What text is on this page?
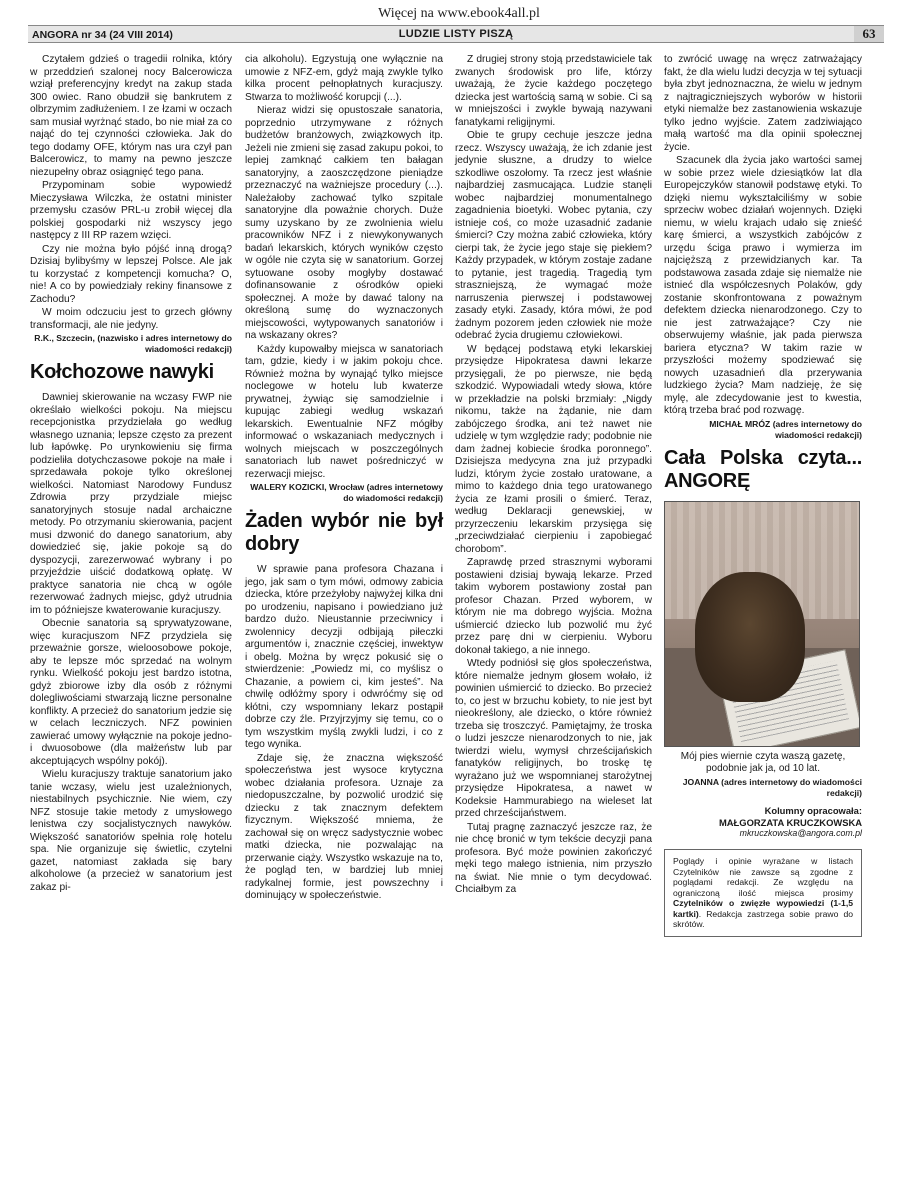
Więcej na www.ebook4all.pl
ANGORA nr 34 (24 VIII 2014)	LUDZIE LISTY PISZĄ	63

Czytałem gdzieś o tragedii rolnika, który w przeddzień szalonej nocy Balcerowicza wziął preferencyjny kredyt na zakup stada 300 owiec. Rano obudził się bankrutem z olbrzymim zadłużeniem. I ze łzami w oczach sam musiał wyrżnąć stado, bo nie miał za co nająć do tej czynności człowieka. Jak do tego dodamy OFE, którym nas ura czył pan Balcerowicz, to mamy na pewno jeszcze niezupełny obraz osiągnięć tego pana.

Przypominam sobie wypowiedź Mieczysława Wilczka, że ostatni minister przemysłu czasów PRL-u zrobił więcej dla polskiej gospodarki niż wszyscy jego następcy z III RP razem wzięci.

Czy nie można było pójść inną drogą? Dzisiaj bylibyśmy w lepszej Polsce. Ale jak tu korzystać z kompetencji komucha? O, nie! A co by powiedziały rekiny finansowe z Zachodu?

W moim odczuciu jest to grzech główny transformacji, ale nie jedyny.

R.K., Szczecin, (nazwisko i adres internetowy do wiadomości redakcji)

Kołchozowe nawyki

Dawniej skierowanie na wczasy FWP nie określało wielkości pokoju. Na miejscu recepcjonistka przydzielała go według własnego uznania; lepsze często za prezent lub łapówkę. Po urynkowieniu się firma podzieliła dotychczasowe pokoje na małe i sprzedawała pokoje tylko określonej wielkości. Natomiast Narodowy Fundusz Zdrowia przy przydziale miejsc sanatoryjnych stosuje nadal archaiczne metody. Po otrzymaniu skierowania, pacjent musi dzwonić do danego sanatorium, aby dowiedzieć się, jakie pokoje są do dyspozycji, zarezerwować wybrany i po przyjeździe uiścić dodatkową opłatę. W praktyce sanatoria nie chcą w ogóle rezerwować żadnych miejsc, gdyż utrudnia im to późniejsze kwaterowanie kuracjuszy.

Obecnie sanatoria są sprywatyzowane, więc kuracjuszom NFZ przydziela się przeważnie gorsze, wieloosobowe pokoje, aby te lepsze móc sprzedać na wolnym rynku. Wielkość pokoju jest bardzo istotna, gdyż zbiorowe izby dla osób z różnymi dolegliwościami stwarzają liczne personalne konflikty. A przecież do sanatorium jedzie się w celach leczniczych. NFZ powinien zawierać umowy wyłącznie na pokoje jedno- i dwuosobowe (dla małżeństw lub par akceptujących wspólny pokój).

Wielu kuracjuszy traktuje sanatorium jako tanie wczasy, wielu jest uzależnionych, niestabilnych psychicznie. Nie wiem, czy NFZ stosuje takie metody z umysłowego lenistwa czy socjalistycznych nawyków. Większość sanatoriów spełnia rolę hotelu spa. Nie organizuje się świetlic, czytelni gazet, natomiast zakłada się bary alkoholowe (a przecież w sanatorium jest zakaz pi-

cia alkoholu). Egzystują one wyłącznie na umowie z NFZ-em, gdyż mają zwykle tylko kilka procent pełnopłatnych kuracjuszy. Stwarza to możliwość korupcji (...).

Nieraz widzi się opustoszałe sanatoria, poprzednio utrzymywane z różnych budżetów branżowych, związkowych itp. Jeżeli nie zmieni się zasad zakupu pokoi, to lepiej zamknąć całkiem ten bałagan sanatoryjny, a zaoszczędzone pieniądze przeznaczyć na ważniejsze procedury (...). Należałoby zachować tylko szpitale sanatoryjne dla poważnie chorych. Duże sumy uzyskano by ze zwolnienia wielu pracowników NFZ i z niewykonywanych badań lekarskich, których wyników często w ogóle nie czyta się w sanatorium. Gorzej sytuowane osoby mogłyby dostawać dofinansowanie z ośrodków opieki społecznej. A może by dawać talony na określoną sumę do wyznaczonych miejscowości, wytypowanych sanatoriów i na wskazany okres?

Każdy kupowałby miejsca w sanatoriach tam, gdzie, kiedy i w jakim pokoju chce. Również można by wynająć tylko miejsce noclegowe w hotelu lub kwaterze prywatnej, żywiąc się samodzielnie i kupując zabiegi według wskazań lekarskich. Ewentualnie NFZ mógłby informować o wskazaniach medycznych i wolnych miejscach w poszczególnych sanatoriach lub nawet pośredniczyć w rezerwacji miejsc.

WALERY KOZICKI, Wrocław (adres internetowy do wiadomości redakcji)

Żaden wybór nie był dobry

W sprawie pana profesora Chazana i jego, jak sam o tym mówi, odmowy zabicia dziecka, które przeżyłoby najwyżej kilka dni po urodzeniu, napisano i powiedziano już bardzo dużo. Nieustannie przeciwnicy i zwolennicy decyzji odbijają piłeczki argumentów i, znacznie częściej, inwektyw i obelg. Można by wręcz pokusić się o stwierdzenie: „Powiedz mi, co myślisz o Chazanie, a powiem ci, kim jesteś”. Na chwilę odłóżmy spory i odwróćmy się od kłótni, czy wspomniany lekarz postąpił dobrze czy źle. Przyjrzyjmy się temu, co o tym wszystkim myślą zwykli ludzi, i co z tego wynika.

Zdaje się, że znaczna większość społeczeństwa jest wysoce krytyczna wobec działania profesora. Uznaje za niedopuszczalne, by pozwolić urodzić się dziecku z tak znacznym defektem fizycznym. Większość mniema, że zachował się on wręcz sadystycznie wobec matki dziecka, nie pozwalając na przerwanie ciąży. Wszystko wskazuje na to, że pogląd ten, w bardziej lub mniej radykalnej formie, jest powszechny i dominujący w społeczeństwie.

Z drugiej strony stoją przedstawiciele tak zwanych środowisk pro life, którzy uważają, że życie każdego poczętego dziecka jest wartością samą w sobie. Ci są w mniejszości i zwykle bywają nazywani fanatykami religijnymi.

Obie te grupy cechuje jeszcze jedna rzecz. Wszyscy uważają, że ich zdanie jest jedynie słuszne, a drudzy to wielce szkodliwe oszołomy. Ta rzecz jest właśnie najbardziej zasmucająca. Ludzie stanęli wobec najbardziej monumentalnego zagadnienia bioetyki. Wobec pytania, czy istnieje coś, co może uzasadnić zadanie śmierci? Czy można zabić człowieka, który cierpi tak, że życie jego staje się piekłem? Każdy przypadek, w którym zostaje zadane to pytanie, jest tragedią. Tragedią tym straszniejszą, że wymagać może narruszenia pierwszej i podstawowej zasady etyki. Zasady, która mówi, że pod żadnym pozorem jeden człowiek nie może odebrać życia drugiemu człowiekowi.

W będącej podstawą etyki lekarskiej przysiędze Hipokratesa dawni lekarze przysięgali, że po pierwsze, nie będą szkodzić. Wypowiadali wtedy słowa, które w przekładzie na polski brzmiały: „Nigdy nikomu, także na żądanie, nie dam zabójczego środka, ani też nawet nie udzielę w tym względzie rady; podobnie nie dam żadnej kobiecie środka poronnego”. Dzisiejsza medycyna zna już przypadki ludzi, którym życie zostało uratowane, a mimo to każdego dnia tego uratowanego życia ze łzami prosili o śmierć. Teraz, według Deklaracji genewskiej, w przyrzeczeniu lekarskim przysięga się „przeciwdziałać cierpieniu i zapobiegać chorobom”.

Zaprawdę przed strasznymi wyborami postawieni dzisiaj bywają lekarze. Przed takim wyborem postawiony został pan profesor Chazan. Przed wyborem, w którym nie ma dobrego wyjścia. Można uśmiercić dziecko lub pozwolić mu żyć przez parę dni w cierpieniu. Wyboru dokonał takiego, a nie innego.

Wtedy podniósł się głos społeczeństwa, które niemalże jednym głosem wołało, iż powinien uśmiercić to dziecko. Bo przecież to, co jest w brzuchu kobiety, to nie jest byt nieokreślony, ale dziecko, o które również trzeba się troszczyć. Pamiętajmy, że troska o ludzi jeszcze nienarodzonych to nie, jak twierdzi wielu, wymysł chrześcijańskich fanatyków religijnych, bo troskę tę wyrażano już we wspomnianej starożytnej przysiędze Hipokratesa, a nawet w Kodeksie Hammurabiego na wieleset lat przed chrześcijaństwem.

Tutaj pragnę zaznaczyć jeszcze raz, że nie chcę bronić w tym tekście decyzji pana profesora. Być może powinien zakończyć męki tego małego istnienia, nim przyszło na świat. Nie mnie o tym decydować. Chciałbym za

to zwrócić uwagę na wręcz zatrważający fakt, że dla wielu ludzi decyzja w tej sytuacji była zbyt jednoznaczna, że wielu w jednym z najtragiczniejszych wyborów w historii etyki niemalże bez zastanowienia wskazuje tylko jedno wyjście. Zatem zadziwiająco małą wartość ma dla opinii społecznej życie.

Szacunek dla życia jako wartości samej w sobie przez wiele dziesiątków lat dla Europejczyków stanowił podstawę etyki. To dzięki niemu wykształciliśmy w sobie sprzeciw wobec działań wojennych. Dzięki niemu, w wielu krajach udało się znieść karę śmierci, a wszystkich zabójców z urzędu ściga prawo i wymierza im najcięższą z przewidzianych kar. Ta podstawowa zasada zdaje się niemalże nie istnieć dla współczesnych Polaków, gdy zostanie skonfrontowana z poważnym defektem dziecka nienarodzonego. Czy to nie jest zatrważające? Czy nie obserwujemy właśnie, jak pada pierwsza bariera etyczna? W takim razie w przyszłości możemy spodziewać się nowych uzasadnień dla przerywania ludzkiego życia? Mam nadzieję, że się mylę, ale zdecydowanie jest to kwestia, którą trzeba brać pod rozwagę.

MICHAŁ MRÓZ (adres internetowy do wiadomości redakcji)

Cała Polska czyta... ANGORĘ

Mój pies wiernie czyta waszą gazetę, podobnie jak ja, od 10 lat.

JOANNA (adres internetowy do wiadomości redakcji)

Kolumny opracowała:

MAŁGORZATA KRUCZKOWSKA

mkruczkowska@angora.com.pl

Poglądy i opinie wyrażane w listach Czytelników nie zawsze są zgodne z poglądami redakcji. Ze względu na ograniczoną ilość miejsca prosimy Czytelników o zwięzłe wypowiedzi (1-1,5 kartki). Redakcja zastrzega sobie prawo do skrótów.
